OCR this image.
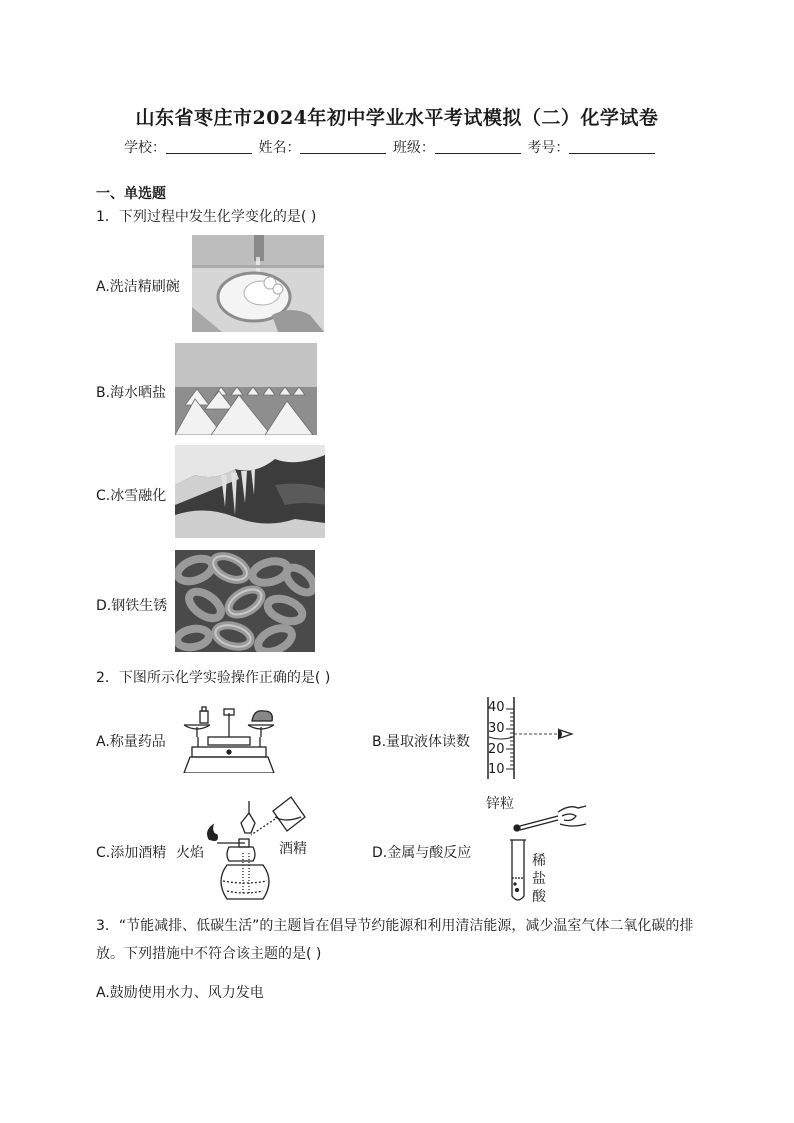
山东省枣庄市2024年初中学业水平考试模拟（二）化学试卷
学校：	姓名：	班级：	考号：
一、单选题
1．下列过程中发生化学变化的是( )
A.洗洁精刷碗
B.海水晒盐
C.冰雪融化
D.钢铁生锈
2．下图所示化学实验操作正确的是( )
A.称量药品	B.量取液体读数
40
30
20
10
C.添加酒精 火焰	酒精	D.金属与酸反应
锌粒
稀
盐
酸
3．“节能减排、低碳生活”的主题旨在倡导节约能源和利用清洁能源，减少温室气体二氧化碳的排放。下列措施中不符合该主题的是( )
A.鼓励使用水力、风力发电
